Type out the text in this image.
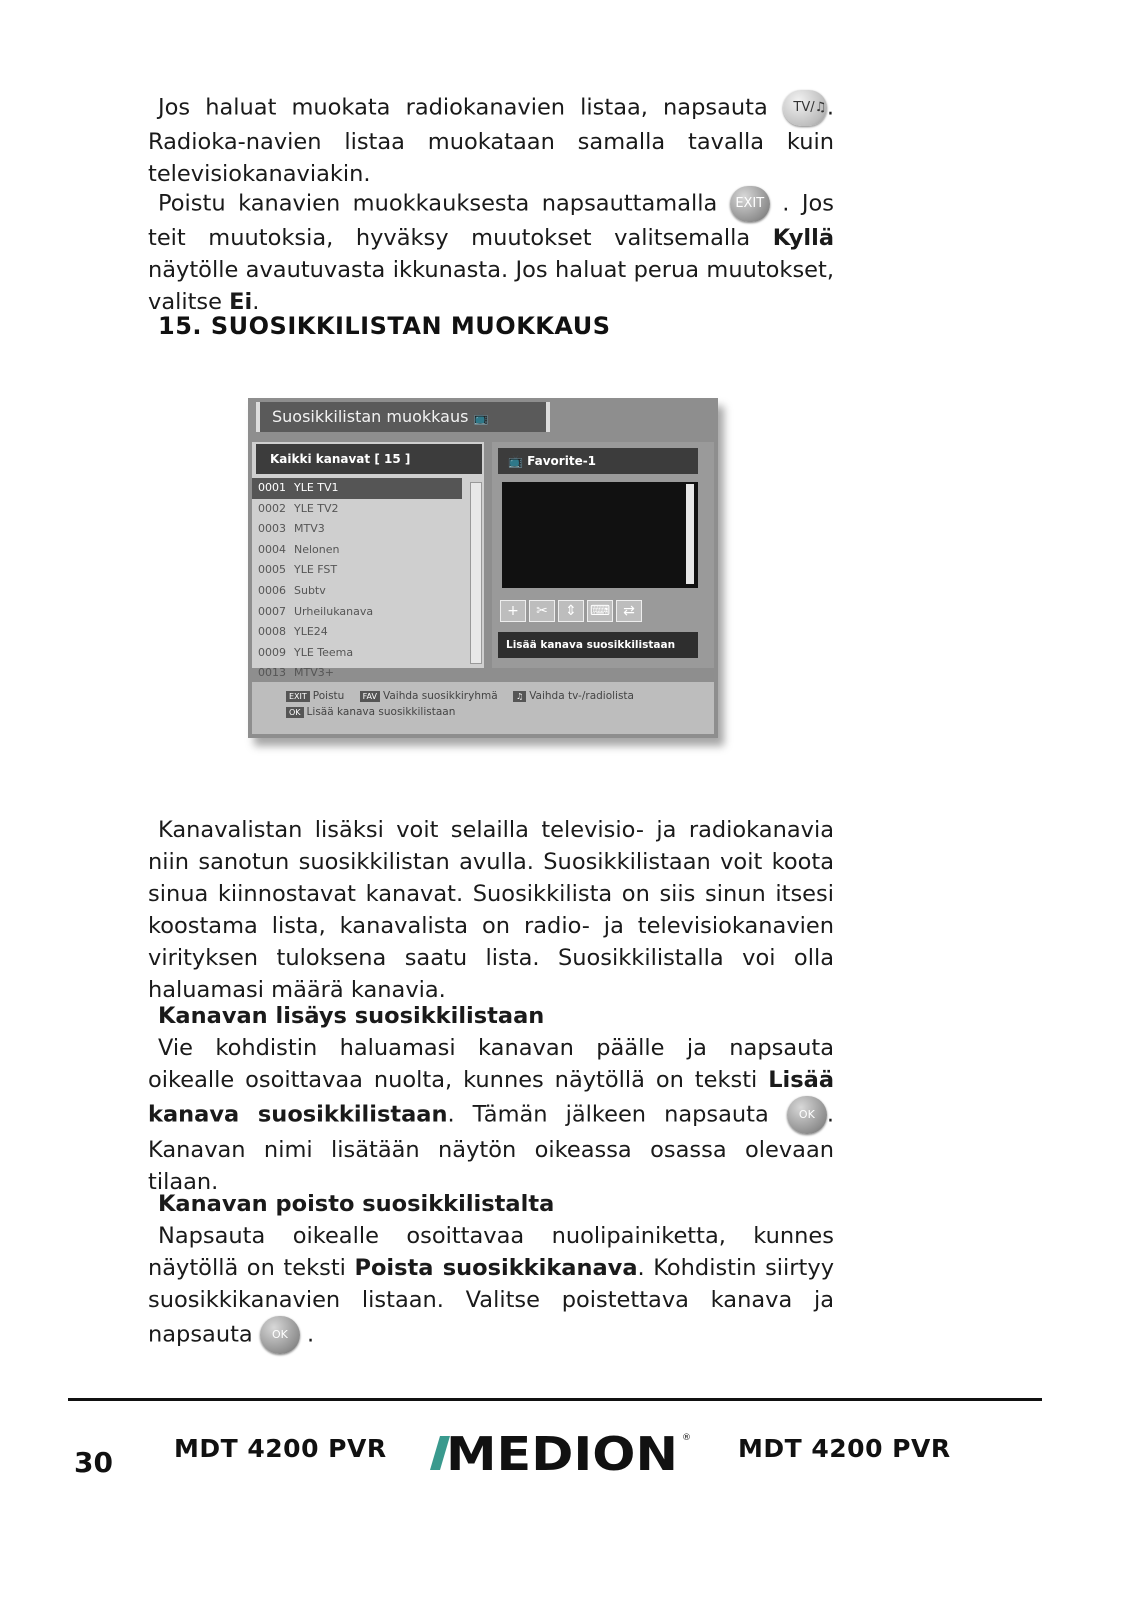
Jos haluat muokata radiokanavien listaa, napsauta TV/♫. Radioka-navien listaa muokataan samalla tavalla kuin televisiokanaviakin.

Poistu kanavien muokkauksesta napsauttamalla EXIT . Jos teit muutoksia, hyväksy muutokset valitsemalla Kyllä näytölle avautuvasta ikkunasta. Jos haluat perua muutokset, valitse Ei.

15. SUOSIKKILISTAN MUOKKAUS
Suosikkilistan muokkaus 📺
Kaikki kanavat [ 15 ]
0001 YLE TV1
0002 YLE TV2
0003 MTV3
0004 Nelonen
0005 YLE FST
0006 Subtv
0007 Urheilukanava
0008 YLE24
0009 YLE Teema
0013 MTV3+
📺 Favorite-1
+	✂	⇕ ⌨ ⇄
Lisää kanava suosikkilistaan
EXIT Poistu FAV Vaihda suosikkiryhmä ♫ Vaihda tv-/radiolista
OK Lisää kanava suosikkilistaan

Kanavalistan lisäksi voit selailla televisio- ja radiokanavia niin sanotun suosikkilistan avulla. Suosikkilistaan voit koota sinua kiinnostavat kanavat. Suosikkilista on siis sinun itsesi koostama lista, kanavalista on radio- ja televisiokanavien virityksen tuloksena saatu lista. Suosikkilistalla voi olla haluamasi määrä kanavia.

Kanavan lisäys suosikkilistaan

Vie kohdistin haluamasi kanavan päälle ja napsauta oikealle osoittavaa nuolta, kunnes näytöllä on teksti Lisää kanava suosikkilistaan. Tämän jälkeen napsauta	OK . Kanavan nimi lisätään näytön oikeassa osassa olevaan tilaan.

Kanavan poisto suosikkilistalta

Napsauta oikealle osoittavaa nuolipainiketta, kunnes näytöllä on teksti Poista suosikkikanava. Kohdistin siirtyy suosikkikanavien listaan. Valitse poistettava kanava ja napsauta OK .

30 MDT 4200 PVR MEDION ® MDT 4200 PVR
